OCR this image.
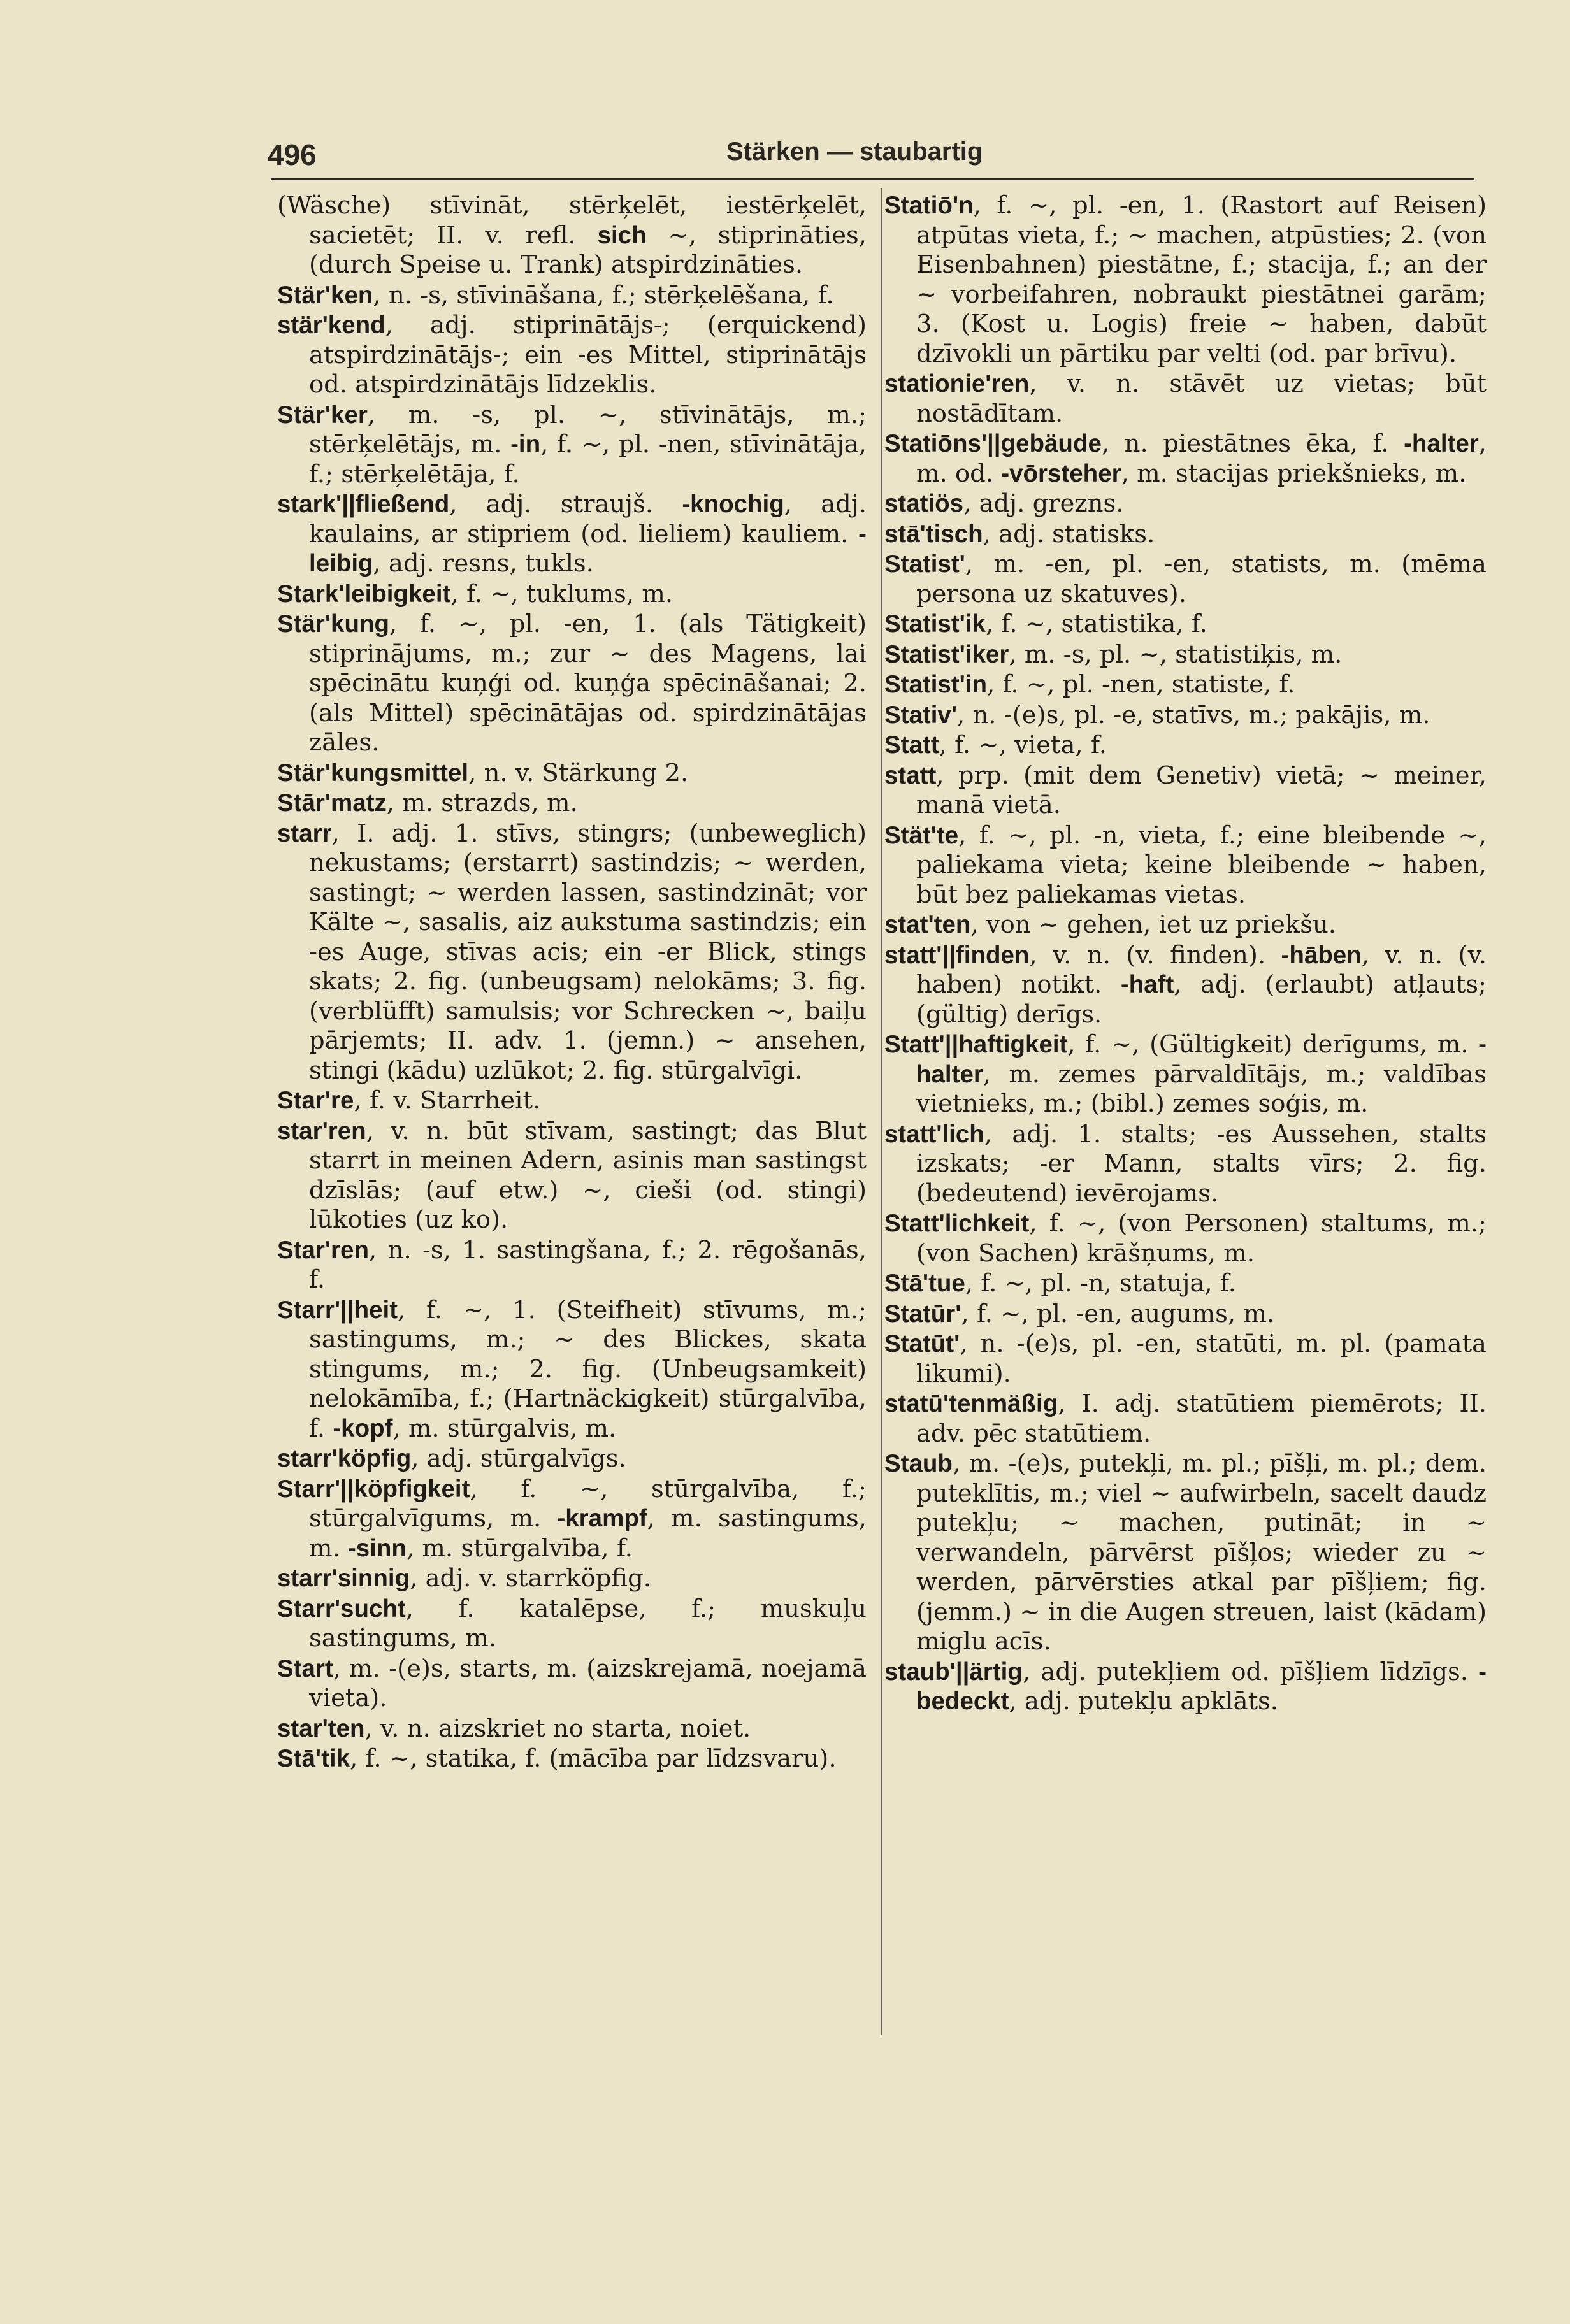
496	Stärken — staubartig

(Wäsche) stīvināt, stērķelēt, iestērķelēt, sacietēt; II. v. refl. sich ~, stiprināties, (durch Speise u. Trank) atspirdzināties.

Stär'ken, n. -s, stīvināšana, f.; stērķelēšana, f.

stär'kend, adj. stiprinātājs-; (erquickend) atspirdzinātājs-; ein -es Mittel, stiprinātājs od. atspirdzinātājs līdzeklis.

Stär'ker, m. -s, pl. ~, stīvinātājs, m.; stērķelētājs, m. -in, f. ~, pl. -nen, stīvinātāja, f.; stērķelētāja, f.

stark'||fließend, adj. straujš. -knochig, adj. kaulains, ar stipriem (od. lieliem) kauliem. -leibig, adj. resns, tukls.

Stark'leibigkeit, f. ~, tuklums, m.

Stär'kung, f. ~, pl. -en, 1. (als Tätigkeit) stiprinājums, m.; zur ~ des Magens, lai spēcinātu kuņģi od. kuņģa spēcināšanai; 2. (als Mittel) spēcinātājas od. spirdzinātājas zāles.

Stär'kungsmittel, n. v. Stärkung 2.

Stār'matz, m. strazds, m.

starr, I. adj. 1. stīvs, stingrs; (unbeweglich) nekustams; (erstarrt) sastindzis; ~ werden, sastingt; ~ werden lassen, sastindzināt; vor Kälte ~, sasalis, aiz aukstuma sastindzis; ein -es Auge, stīvas acis; ein -er Blick, stings skats; 2. fig. (unbeugsam) nelokāms; 3. fig. (verblüfft) samulsis; vor Schrecken ~, baiļu pārjemts; II. adv. 1. (jemn.) ~ ansehen, stingi (kādu) uzlūkot; 2. fig. stūrgalvīgi.

Star're, f. v. Starrheit.

star'ren, v. n. būt stīvam, sastingt; das Blut starrt in meinen Adern, asinis man sastingst dzīslās; (auf etw.) ~, cieši (od. stingi) lūkoties (uz ko).

Star'ren, n. -s, 1. sastingšana, f.; 2. rēgošanās, f.

Starr'||heit, f. ~, 1. (Steifheit) stīvums, m.; sastingums, m.; ~ des Blickes, skata stingums, m.; 2. fig. (Unbeugsamkeit) nelokāmība, f.; (Hartnäckigkeit) stūrgalvība, f. -kopf, m. stūrgalvis, m.

starr'köpfig, adj. stūrgalvīgs.

Starr'||köpfigkeit, f. ~, stūrgalvība, f.; stūrgalvīgums, m. -krampf, m. sastingums, m. -sinn, m. stūrgalvība, f.

starr'sinnig, adj. v. starrköpfig.

Starr'sucht, f. katalēpse, f.; muskuļu sastingums, m.

Start, m. -(e)s, starts, m. (aizskrejamā, noejamā vieta).

star'ten, v. n. aizskriet no starta, noiet.

Stā'tik, f. ~, statika, f. (mācība par līdzsvaru).

Statiō'n, f. ~, pl. -en, 1. (Rastort auf Reisen) atpūtas vieta, f.; ~ machen, atpūsties; 2. (von Eisenbahnen) piestātne, f.; stacija, f.; an der ~ vorbeifahren, nobraukt piestātnei garām; 3. (Kost u. Logis) freie ~ haben, dabūt dzīvokli un pārtiku par velti (od. par brīvu).

stationie'ren, v. n. stāvēt uz vietas; būt nostādītam.

Statiōns'||gebäude, n. piestātnes ēka, f. -halter, m. od. -vōrsteher, m. stacijas priekšnieks, m.

statiös, adj. grezns.

stā'tisch, adj. statisks.

Statist', m. -en, pl. -en, statists, m. (mēma persona uz skatuves).

Statist'ik, f. ~, statistika, f.

Statist'iker, m. -s, pl. ~, statistiķis, m.

Statist'in, f. ~, pl. -nen, statiste, f.

Stativ', n. -(e)s, pl. -e, statīvs, m.; pakājis, m.

Statt, f. ~, vieta, f.

statt, prp. (mit dem Genetiv) vietā; ~ meiner, manā vietā.

Stät'te, f. ~, pl. -n, vieta, f.; eine bleibende ~, paliekama vieta; keine bleibende ~ haben, būt bez paliekamas vietas.

stat'ten, von ~ gehen, iet uz priekšu.

statt'||finden, v. n. (v. finden). -hāben, v. n. (v. haben) notikt. -haft, adj. (erlaubt) atļauts; (gültig) derīgs.

Statt'||haftigkeit, f. ~, (Gültigkeit) derīgums, m. -halter, m. zemes pārvaldītājs, m.; valdības vietnieks, m.; (bibl.) zemes soģis, m.

statt'lich, adj. 1. stalts; -es Aussehen, stalts izskats; -er Mann, stalts vīrs; 2. fig. (bedeutend) ievērojams.

Statt'lichkeit, f. ~, (von Personen) staltums, m.; (von Sachen) krāšņums, m.

Stā'tue, f. ~, pl. -n, statuja, f.

Statūr', f. ~, pl. -en, augums, m.

Statūt', n. -(e)s, pl. -en, statūti, m. pl. (pamata likumi).

statū'tenmäßig, I. adj. statūtiem piemērots; II. adv. pēc statūtiem.

Staub, m. -(e)s, putekļi, m. pl.; pīšļi, m. pl.; dem. puteklītis, m.; viel ~ aufwirbeln, sacelt daudz putekļu; ~ machen, putināt; in ~ verwandeln, pārvērst pīšļos; wieder zu ~ werden, pārvērsties atkal par pīšļiem; fig. (jemm.) ~ in die Augen streuen, laist (kādam) miglu acīs.

staub'||ärtig, adj. putekļiem od. pīšļiem līdzīgs. -bedeckt, adj. putekļu apklāts.
